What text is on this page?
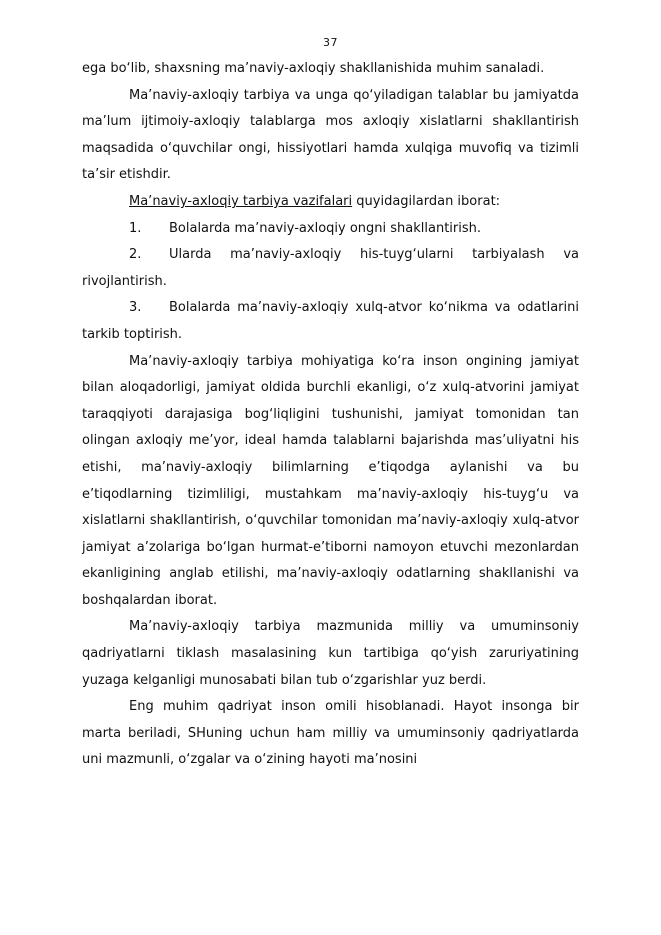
37

ega bo‘lib, shaxsning ma’naviy-axloqiy shakllanishida muhim sanaladi.

Ma’naviy-axloqiy tarbiya va unga qo‘yiladigan talablar bu jamiyatda ma’lum ijtimoiy-axloqiy talablarga mos axloqiy xislatlarni shakllantirish maqsadida o‘quvchilar ongi, hissiyotlari hamda xulqiga muvofiq va tizimli ta’sir etishdir.

Ma’naviy-axloqiy tarbiya vazifalari quyidagilardan iborat:

1. Bolalarda ma’naviy-axloqiy ongni shakllantirish.

2. Ularda ma’naviy-axloqiy his-tuyg‘ularni tarbiyalash va rivojlantirish.

3. Bolalarda ma’naviy-axloqiy xulq-atvor ko‘nikma va odatlarini tarkib toptirish.

Ma’naviy-axloqiy tarbiya mohiyatiga ko‘ra inson ongining jamiyat bilan aloqadorligi, jamiyat oldida burchli ekanligi, o‘z xulq-atvorini jamiyat taraqqiyoti darajasiga bog‘liqligini tushunishi, jamiyat tomonidan tan olingan axloqiy me’yor, ideal hamda talablarni bajarishda mas’uliyatni his etishi, ma’naviy-axloqiy bilimlarning e’tiqodga aylanishi va bu e’tiqodlarning tizimliligi, mustahkam ma’naviy-axloqiy his-tuyg‘u va xislatlarni shakllantirish, o‘quvchilar tomonidan ma’naviy-axloqiy xulq-atvor jamiyat a’zolariga bo‘lgan hurmat-e’tiborni namoyon etuvchi mezonlardan ekanligining anglab etilishi, ma’naviy-axloqiy odatlarning shakllanishi va boshqalardan iborat.

Ma’naviy-axloqiy tarbiya mazmunida milliy va umuminsoniy qadriyatlarni tiklash masalasining kun tartibiga qo‘yish zaruriyatining yuzaga kelganligi munosabati bilan tub o‘zgarishlar yuz berdi.

Eng muhim qadriyat inson omili hisoblanadi. Hayot insonga bir marta beriladi, SHuning uchun ham milliy va umuminsoniy qadriyatlarda uni mazmunli, o‘zgalar va o‘zining hayoti ma’nosini
